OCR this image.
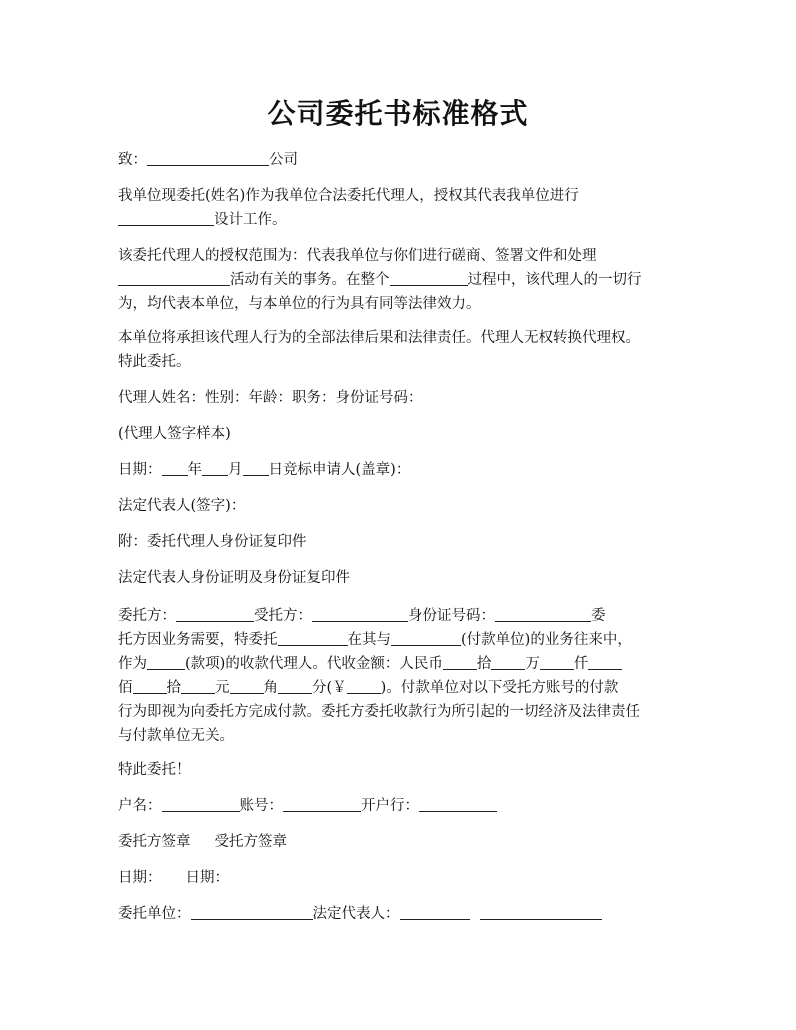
公司委托书标准格式
致：	公司
我单位现委托(姓名)作为我单位合法委托代理人，授权其代表我单位进行
设计工作。
该委托代理人的授权范围为：代表我单位与你们进行磋商、签署文件和处理
活动有关的事务。在整个	过程中，该代理人的一切行
为，均代表本单位，与本单位的行为具有同等法律效力。
本单位将承担该代理人行为的全部法律后果和法律责任。代理人无权转换代理权。
特此委托。
代理人姓名：性别：年龄：职务：身份证号码：
(代理人签字样本)
日期： 年 月 日竞标申请人(盖章)：
法定代表人(签字)：
附：委托代理人身份证复印件
法定代表人身份证明及身份证复印件
委托方：	受托方：	身份证号码：	委
托方因业务需要，特委托	在其与	(付款单位)的业务往来中，
作为	(款项)的收款代理人。代收金额：人民币 拾 万 仟
佰 拾 元 角 分(￥ )。付款单位对以下受托方账号的付款
行为即视为向委托方完成付款。委托方委托收款行为所引起的一切经济及法律责任
与付款单位无关。
特此委托！
户名：	账号：	开户行：
委托方签章 受托方签章
日期： 日期：
委托单位：	法定代表人：
